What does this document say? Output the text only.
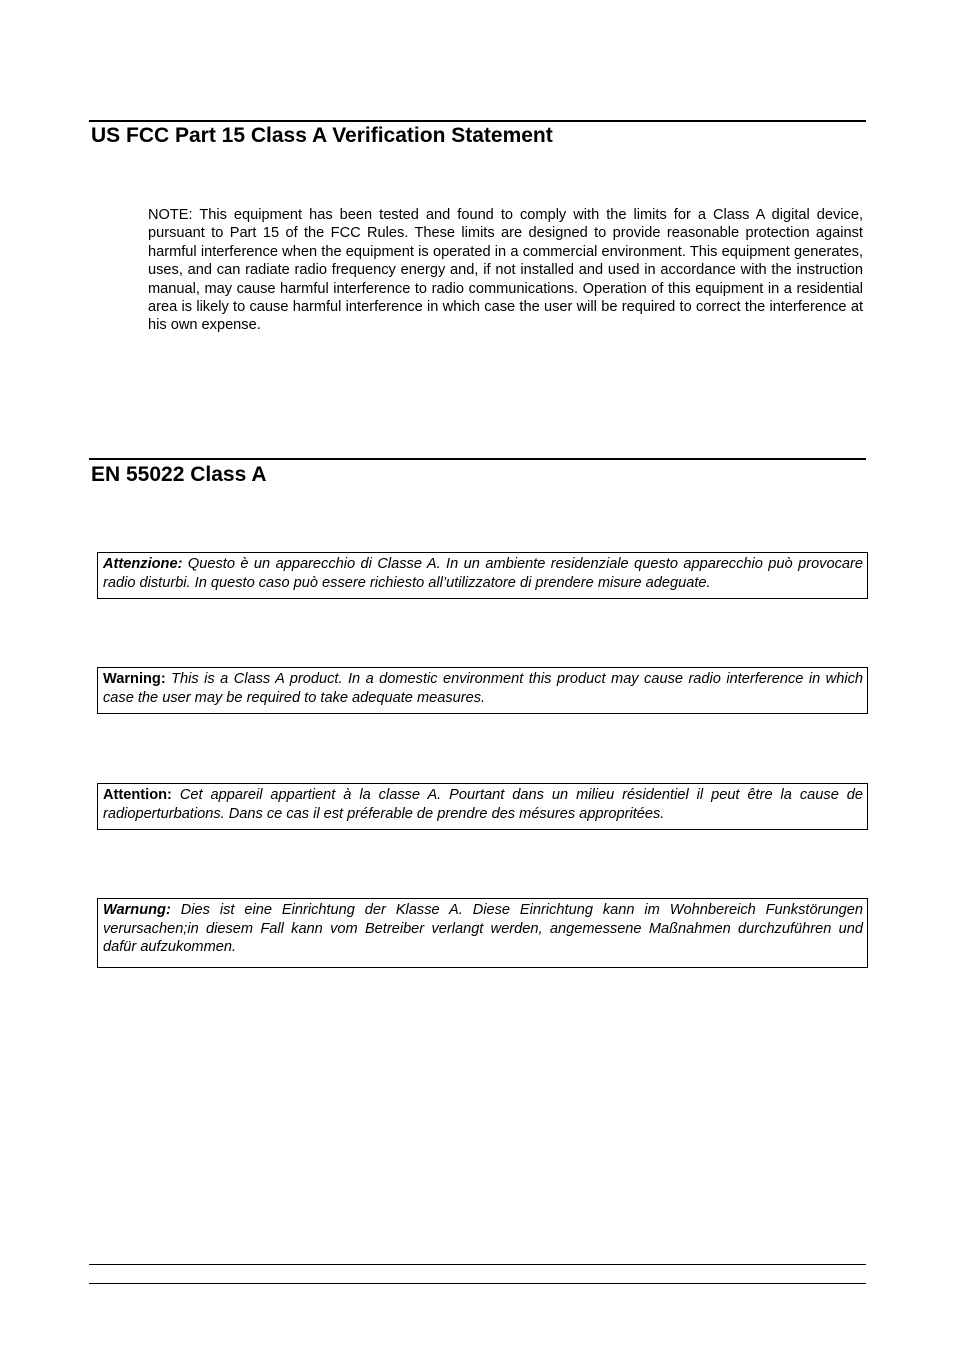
US FCC Part 15 Class A Verification Statement

NOTE: This equipment has been tested and found to comply with the limits for a Class A digital device, pursuant to Part 15 of the FCC Rules. These limits are designed to provide reasonable protection against harmful interference when the equipment is operated in a commercial environment. This equipment generates, uses, and can radiate radio frequency energy and, if not installed and used in accordance with the instruction manual, may cause harmful interference to radio communications. Operation of this equipment in a residential area is likely to cause harmful interference in which case the user will be required to correct the interference at his own expense.

EN 55022 Class A
Attenzione: Questo è un apparecchio di Classe A. In un ambiente residenziale questo apparecchio può provocare radio disturbi. In questo caso può essere richiesto all’utilizzatore di prendere misure adeguate.
Warning: This is a Class A product. In a domestic environment this product may cause radio interference in which case the user may be required to take adequate measures.
Attention: Cet appareil appartient à la classe A. Pourtant dans un milieu résidentiel il peut être la cause de radioperturbations. Dans ce cas il est préferable de prendre des mésures appropritées.
Warnung: Dies ist eine Einrichtung der Klasse A. Diese Einrichtung kann im Wohnbereich Funkstörungen verursachen;in diesem Fall kann vom Betreiber verlangt werden, angemessene Maßnahmen durchzuführen und dafür aufzukommen.
